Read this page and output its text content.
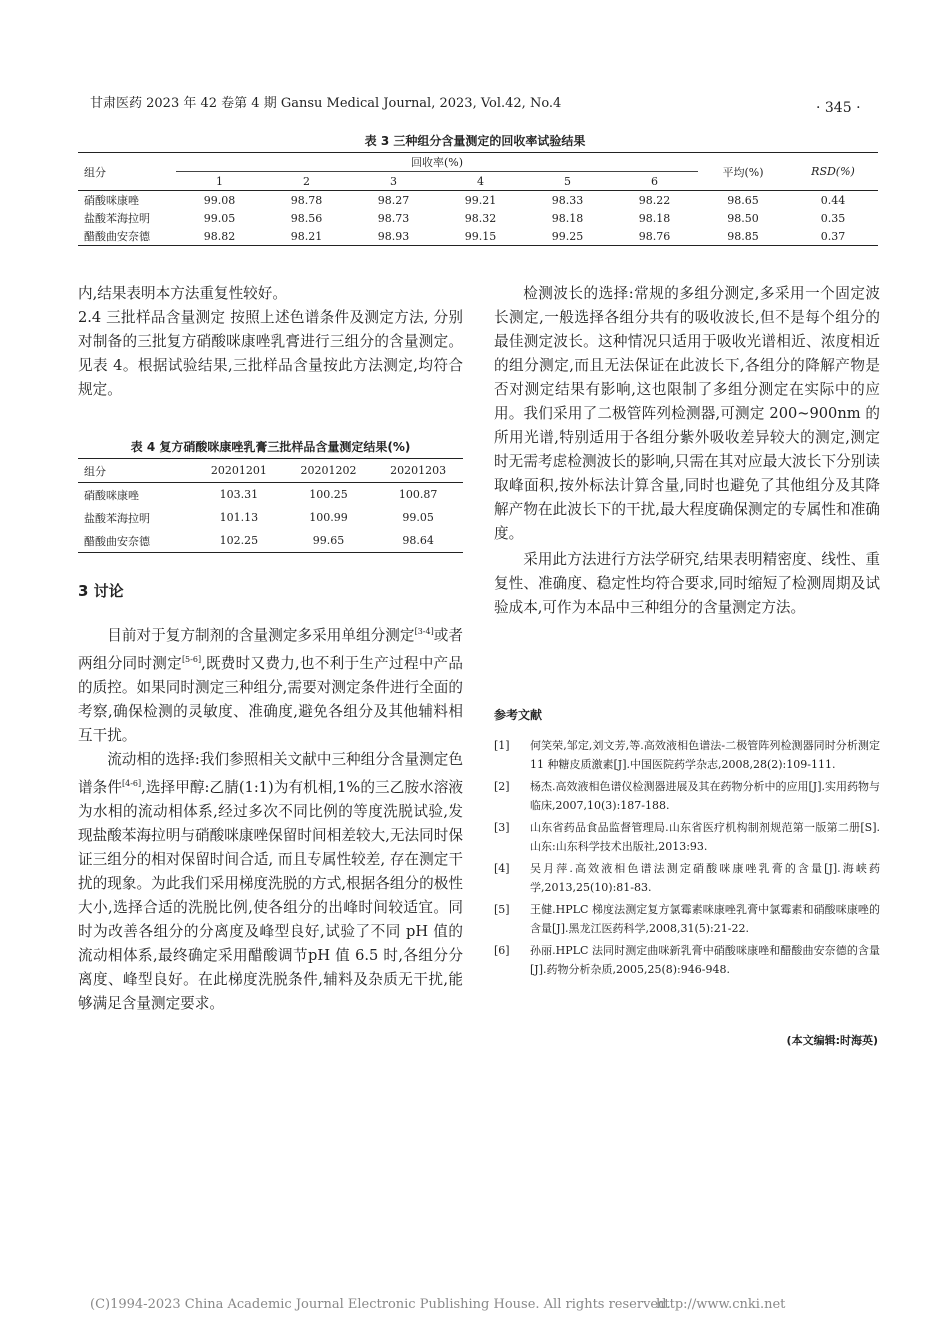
甘肃医药 2023 年 42 卷第 4 期 Gansu Medical Journal, 2023, Vol.42, No.4	· 345 ·
表 3 三种组分含量测定的回收率试验结果
组分	回收率(%)						平均(%)	RSD(%)
	1	2	3	4	5	6		
硝酸咪康唑	99.08	98.78	98.27	99.21	98.33	98.22	98.65	0.44
盐酸苯海拉明	99.05	98.56	98.73	98.32	98.18	98.18	98.50	0.35
醋酸曲安奈德	98.82	98.21	98.93	99.15	99.25	98.76	98.85	0.37

内,结果表明本方法重复性较好。

2.4 三批样品含量测定 按照上述色谱条件及测定方法, 分别对制备的三批复方硝酸咪康唑乳膏进行三组分的含量测定。见表 4。根据试验结果,三批样品含量按此方法测定,均符合规定。

表 4 复方硝酸咪康唑乳膏三批样品含量测定结果(%)
组分	20201201	20201202	20201203
硝酸咪康唑	103.31	100.25	100.87
盐酸苯海拉明	101.13	100.99	99.05
醋酸曲安奈德	102.25	99.65	98.64
3 讨论

目前对于复方制剂的含量测定多采用单组分测定[3-4]或者两组分同时测定[5-6],既费时又费力,也不利于生产过程中产品的质控。如果同时测定三种组分,需要对测定条件进行全面的考察,确保检测的灵敏度、准确度,避免各组分及其他辅料相互干扰。

流动相的选择:我们参照相关文献中三种组分含量测定色谱条件[4-6],选择甲醇:乙腈(1:1)为有机相,1%的三乙胺水溶液为水相的流动相体系,经过多次不同比例的等度洗脱试验,发现盐酸苯海拉明与硝酸咪康唑保留时间相差较大,无法同时保证三组分的相对保留时间合适, 而且专属性较差, 存在测定干扰的现象。为此我们采用梯度洗脱的方式,根据各组分的极性大小,选择合适的洗脱比例,使各组分的出峰时间较适宜。同时为改善各组分的分离度及峰型良好,试验了不同 pH 值的流动相体系,最终确定采用醋酸调节pH 值 6.5 时,各组分分离度、峰型良好。在此梯度洗脱条件,辅料及杂质无干扰,能够满足含量测定要求。

检测波长的选择:常规的多组分测定,多采用一个固定波长测定,一般选择各组分共有的吸收波长,但不是每个组分的最佳测定波长。这种情况只适用于吸收光谱相近、浓度相近的组分测定,而且无法保证在此波长下,各组分的降解产物是否对测定结果有影响,这也限制了多组分测定在实际中的应用。我们采用了二极管阵列检测器,可测定 200~900nm 的所用光谱,特别适用于各组分紫外吸收差异较大的测定,测定时无需考虑检测波长的影响,只需在其对应最大波长下分别读取峰面积,按外标法计算含量,同时也避免了其他组分及其降解产物在此波长下的干扰,最大程度确保测定的专属性和准确度。

采用此方法进行方法学研究,结果表明精密度、线性、重复性、准确度、稳定性均符合要求,同时缩短了检测周期及试验成本,可作为本品中三种组分的含量测定方法。

参考文献
[1]	何笑荣,邹定,刘文芳,等.高效液相色谱法-二极管阵列检测器同时分析测定 11 种糖皮质激素[J].中国医院药学杂志,2008,28(2):109-111.
[2]	杨杰.高效液相色谱仪检测器进展及其在药物分析中的应用[J].实用药物与临床,2007,10(3):187-188.
[3]	山东省药品食品监督管理局.山东省医疗机构制剂规范第一版第二册[S].山东:山东科学技术出版社,2013:93.
[4]	吴月萍.高效液相色谱法测定硝酸咪康唑乳膏的含量[J].海峡药学,2013,25(10):81-83.
[5]	王健.HPLC 梯度法测定复方氯霉素咪康唑乳膏中氯霉素和硝酸咪康唑的含量[J].黑龙江医药科学,2008,31(5):21-22.
[6]	孙丽.HPLC 法同时测定曲咪新乳膏中硝酸咪康唑和醋酸曲安奈德的含量[J].药物分析杂质,2005,25(8):946-948.
(本文编辑:时海英)
(C)1994-2023 China Academic Journal Electronic Publishing House. All rights reserved.
http://www.cnki.net
